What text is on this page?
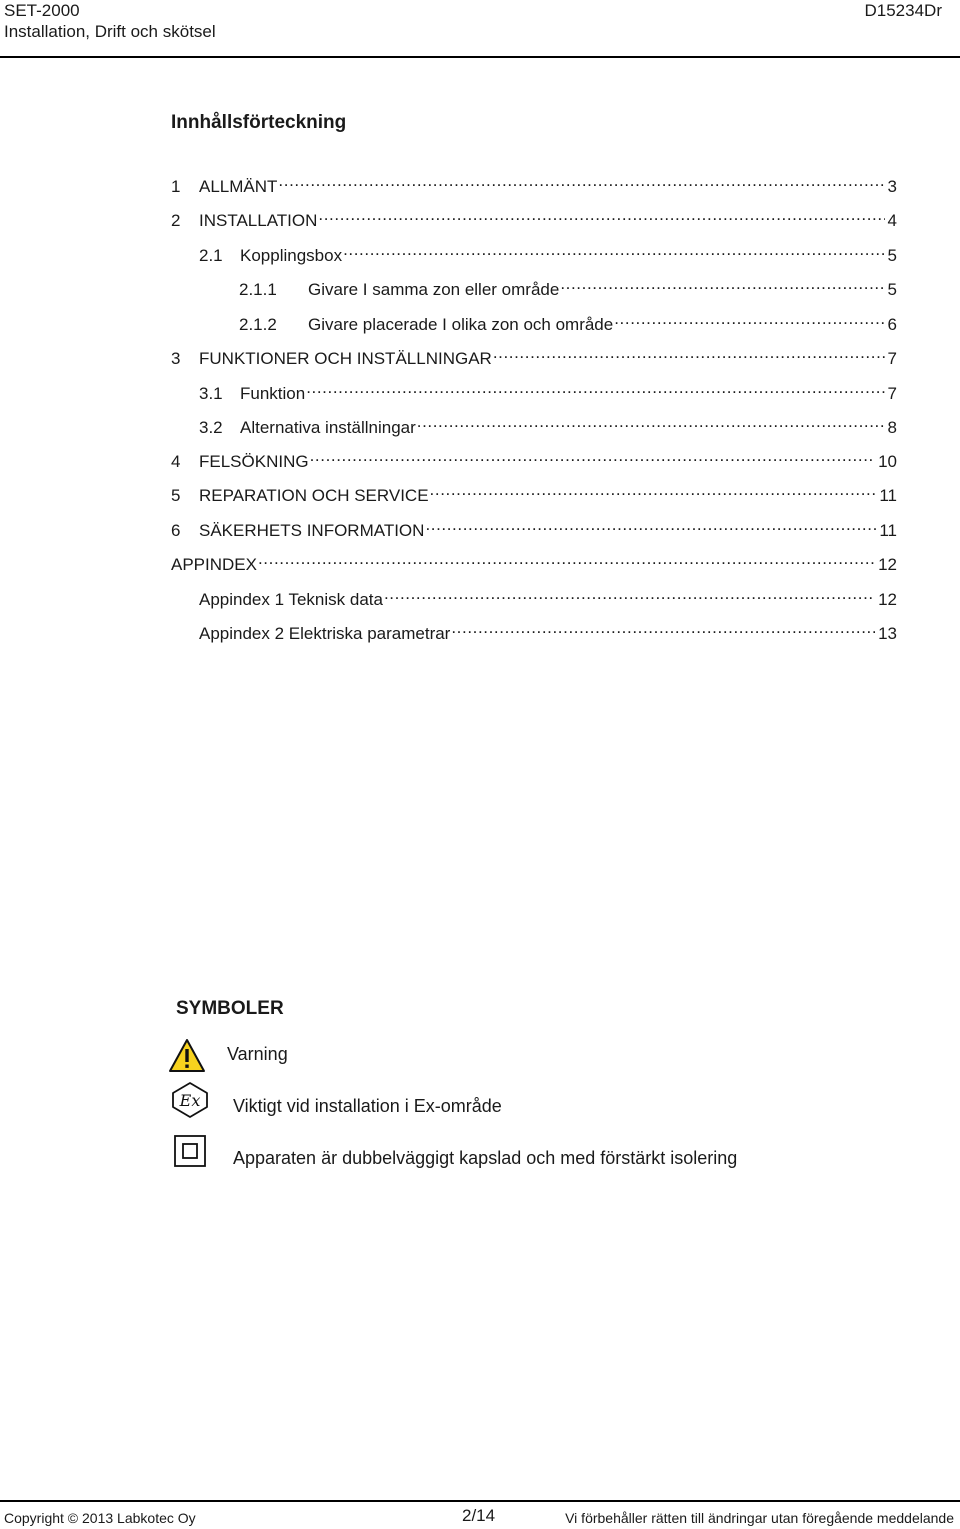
SET-2000
Installation, Drift och skötsel
D15234Dr
Innhållsförteckning
1	ALLMÄNT .....	3
2	INSTALLATION .....	4
2.1	Kopplingsbox .....	5
2.1.1	Givare I samma zon eller område .....	5
2.1.2	Givare placerade I olika zon och område .....	6
3	FUNKTIONER OCH INSTÄLLNINGAR .....	7
3.1	Funktion .....	7
3.2	Alternativa inställningar .....	8
4	FELSÖKNING .....	10
5	REPARATION OCH SERVICE .....	11
6	SÄKERHETS INFORMATION .....	11
APPINDEX .....	12
Appindex 1 Teknisk data .....	12
Appindex 2 Elektriska parametrar .....	13
SYMBOLER
Varning
Ex Viktigt vid installation i Ex-område
Apparaten är dubbelväggigt kapslad och med förstärkt isolering
Copyright © 2013 Labkotec Oy	2/14	Vi förbehåller rätten till ändringar utan föregående meddelande
